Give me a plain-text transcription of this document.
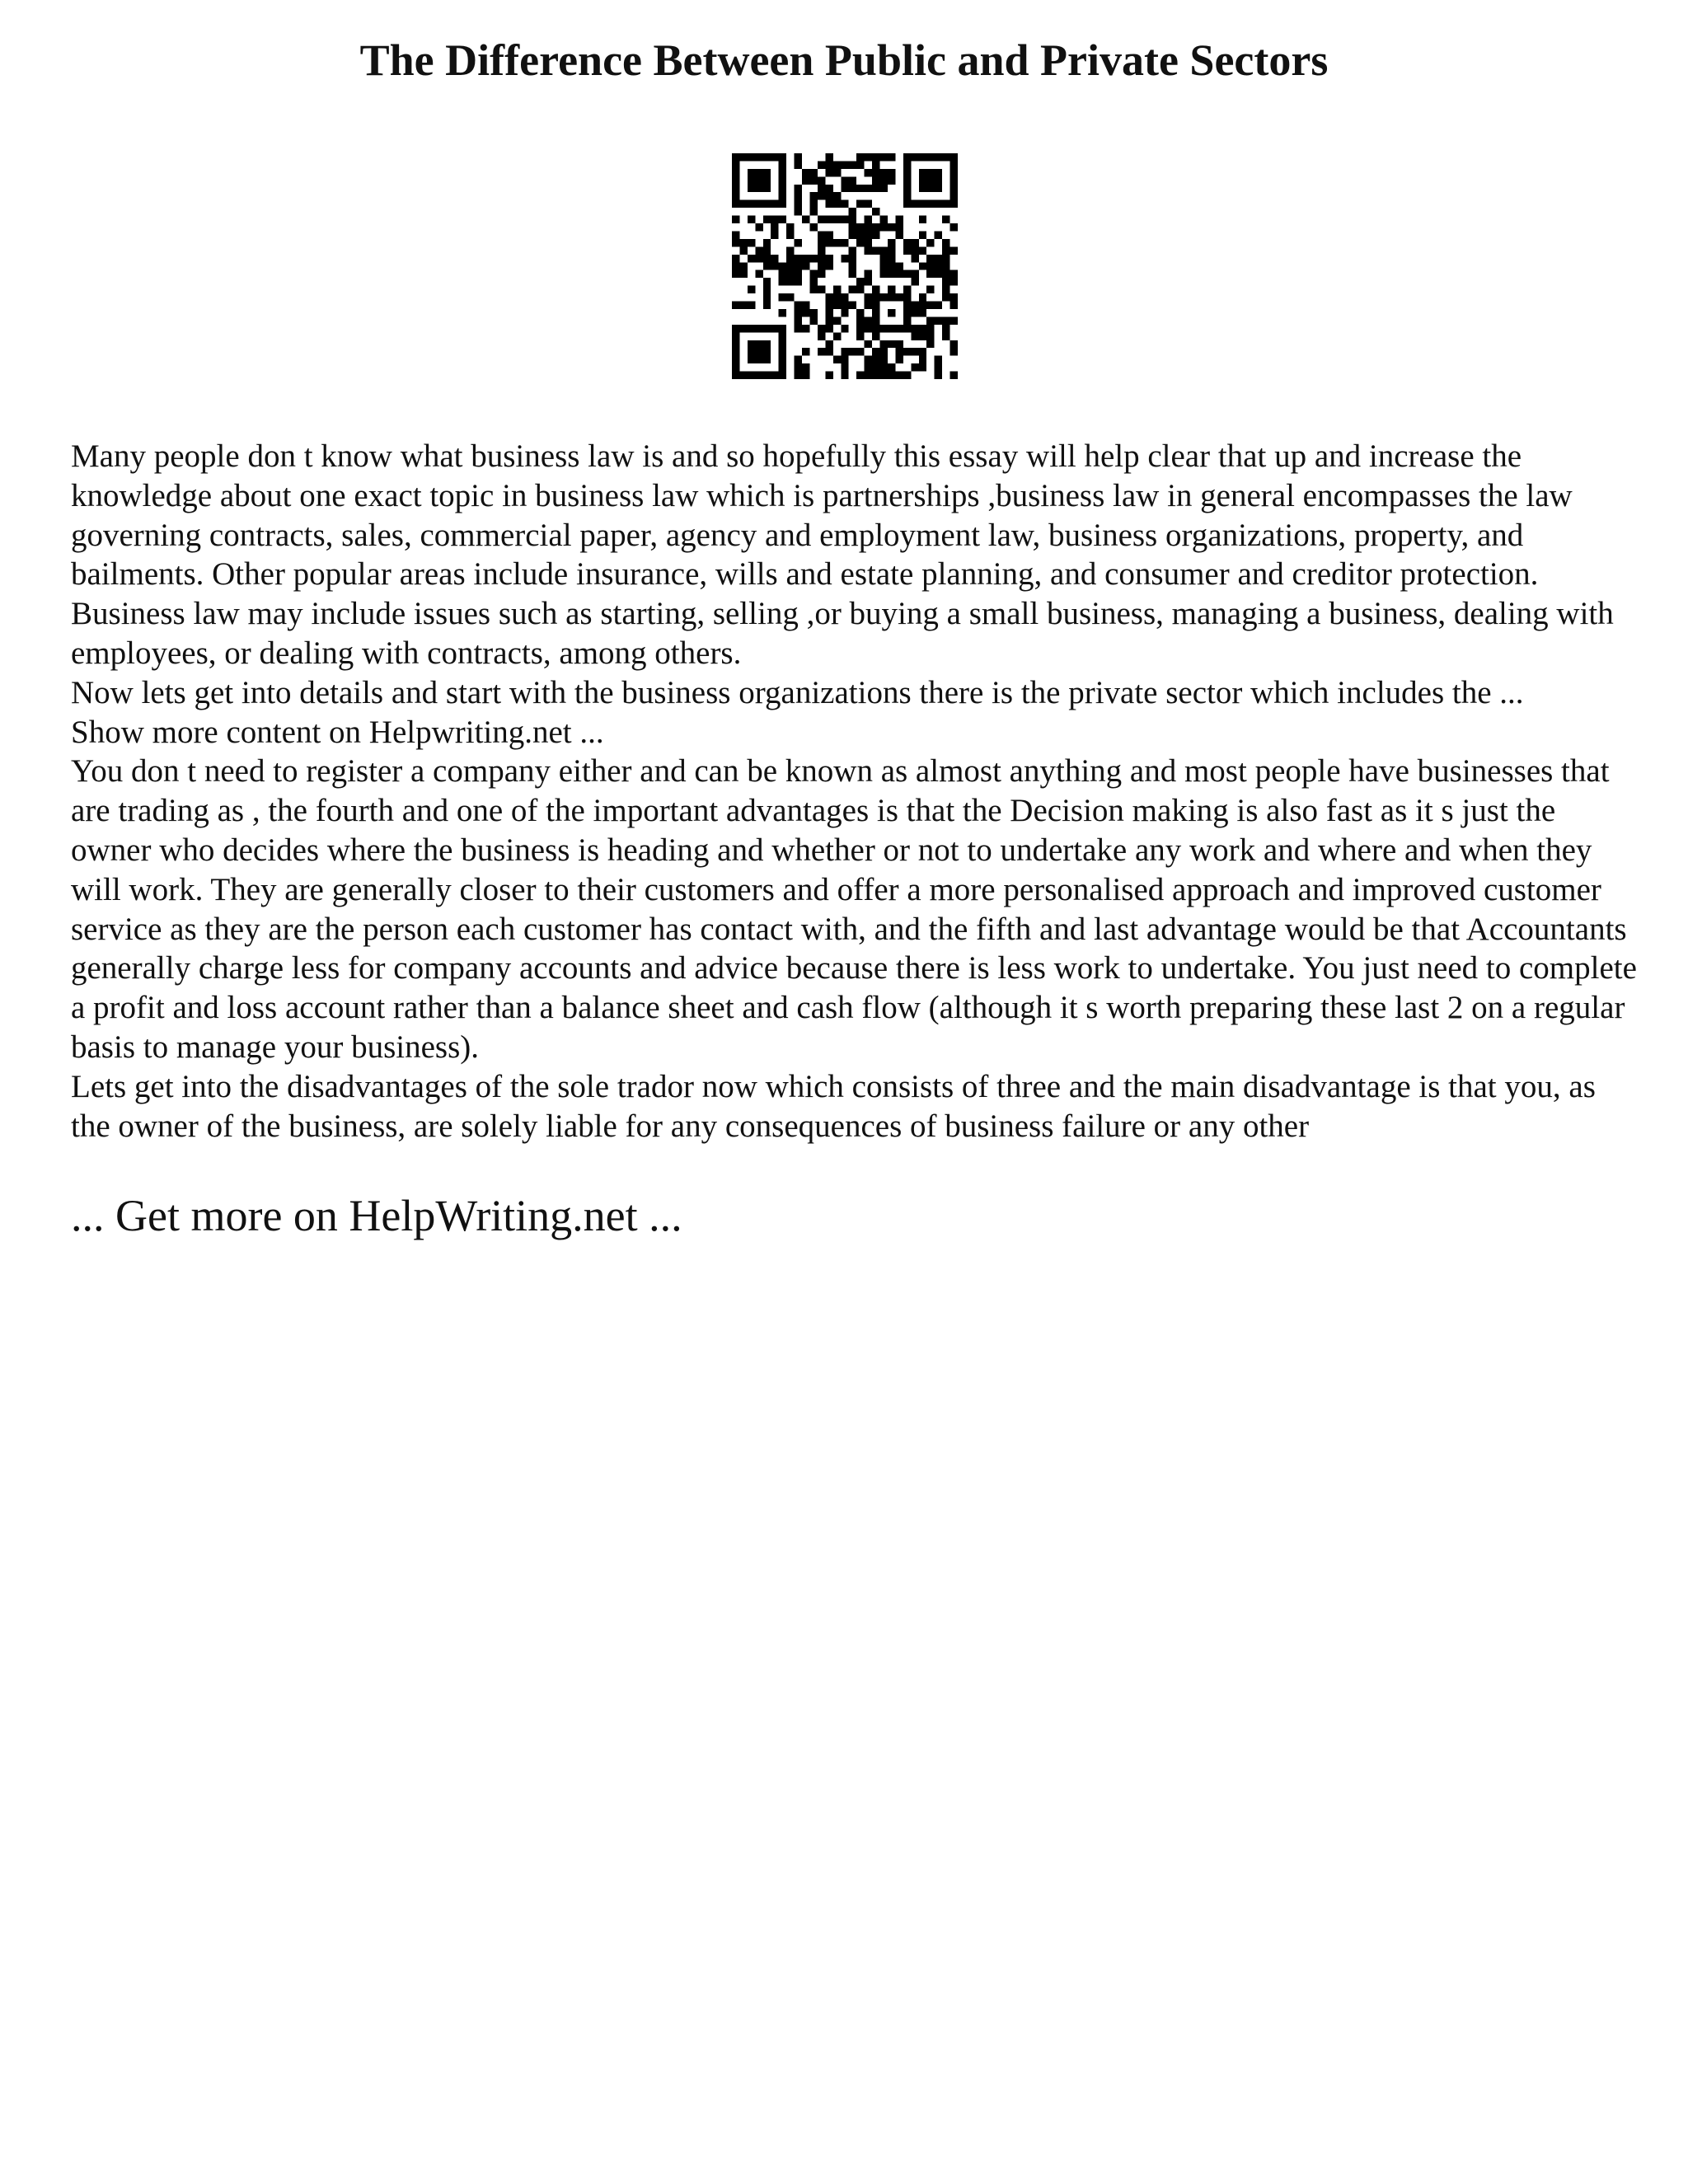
The Difference Between Public and Private Sectors

Many people don t know what business law is and so hopefully this essay will help clear that up and increase the knowledge about one exact topic in business law which is partnerships ,business law in general encompasses the law governing contracts, sales, commercial paper, agency and employment law, business organizations, property, and bailments. Other popular areas include insurance, wills and estate planning, and consumer and creditor protection. Business law may include issues such as starting, selling ,or buying a small business, managing a business, dealing with employees, or dealing with contracts, among others.

Now lets get into details and start with the business organizations there is the private sector which includes the ...

Show more content on Helpwriting.net ...

You don t need to register a company either and can be known as almost anything and most people have businesses that are trading as , the fourth and one of the important advantages is that the Decision making is also fast as it s just the owner who decides where the business is heading and whether or not to undertake any work and where and when they will work. They are generally closer to their customers and offer a more personalised approach and improved customer service as they are the person each customer has contact with, and the fifth and last advantage would be that Accountants generally charge less for company accounts and advice because there is less work to undertake. You just need to complete a profit and loss account rather than a balance sheet and cash flow (although it s worth preparing these last 2 on a regular basis to manage your business).

Lets get into the disadvantages of the sole trador now which consists of three and the main disadvantage is that you, as the owner of the business, are solely liable for any consequences of business failure or any other

... Get more on HelpWriting.net ...
